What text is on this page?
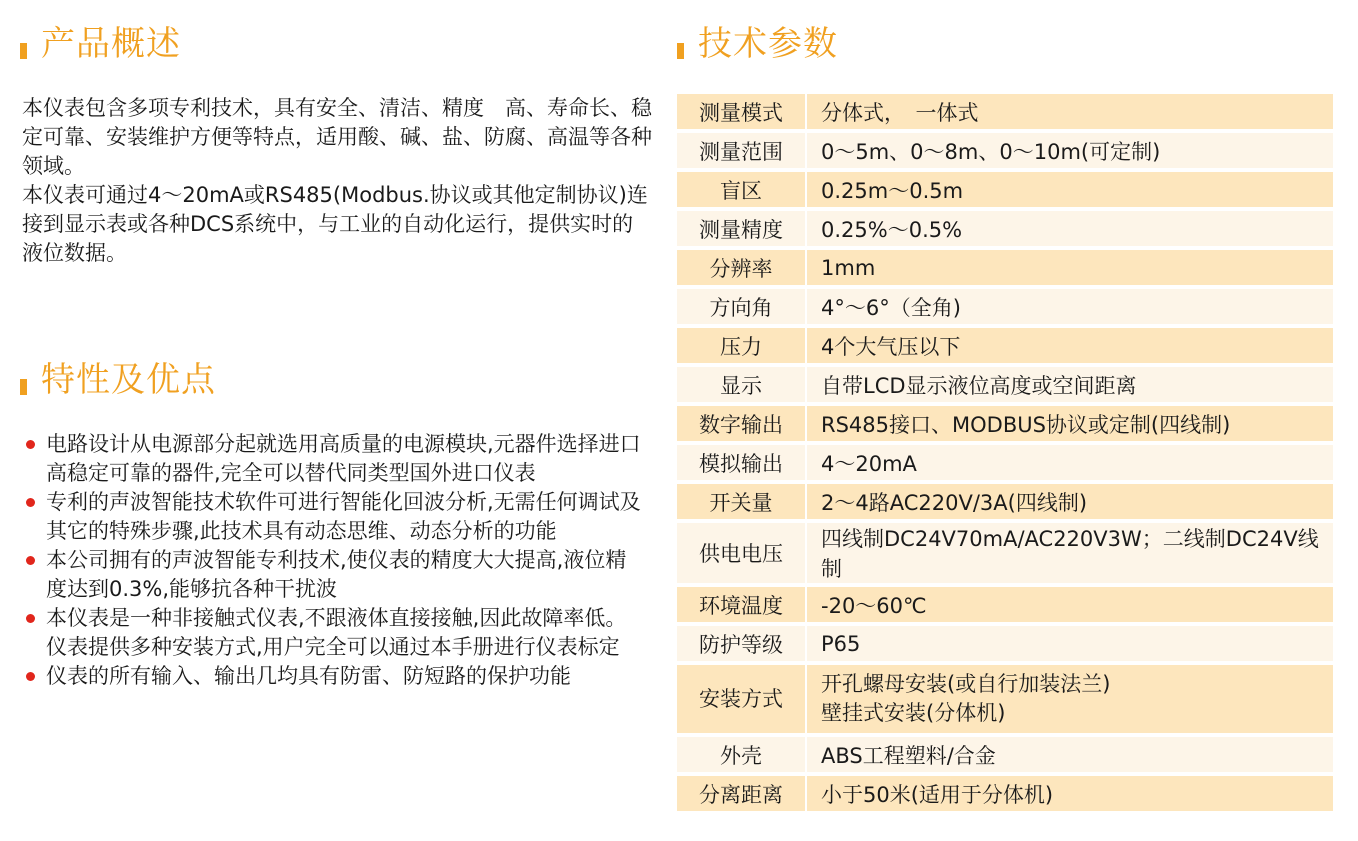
产品概述

本仪表包含多项专利技术，具有安全、清洁、精度　高、寿命长、稳定可靠、安装维护方便等特点，适用酸、碱、盐、防腐、高温等各种领域。

本仪表可通过4～20mA或RS485(Modbus.协议或其他定制协议)连接到显示表或各种DCS系统中，与工业的自动化运行，提供实时的液位数据。

特性及优点
电路设计从电源部分起就选用高质量的电源模块,元器件选择进口高稳定可靠的器件,完全可以替代同类型国外进口仪表
专利的声波智能技术软件可进行智能化回波分析,无需任何调试及其它的特殊步骤,此技术具有动态思维、动态分析的功能
本公司拥有的声波智能专利技术,使仪表的精度大大提高,液位精度达到0.3%,能够抗各种干扰波
本仪表是一种非接触式仪表,不跟液体直接接触,因此故障率低。仪表提供多种安装方式,用户完全可以通过本手册进行仪表标定
仪表的所有输入、输出几均具有防雷、防短路的保护功能
技术参数
测量模式	分体式，　一体式
测量范围	0～5m、0～8m、0～10m(可定制)
盲区	0.25m～0.5m
测量精度	0.25%～0.5%
分辨率	1mm
方向角	4°～6°（全角)
压力	4个大气压以下
显示	自带LCD显示液位高度或空间距离
数字输出	RS485接口、MODBUS协议或定制(四线制)
模拟输出	4～20mA
开关量	2～4路AC220V/3A(四线制)
供电电压	四线制DC24V70mA/AC220V3W；二线制DC24V线制
环境温度	-20～60℃
防护等级	P65
安装方式	开孔螺母安装(或自行加装法兰)
壁挂式安装(分体机)

外壳	ABS工程塑料/合金
分离距离	小于50米(适用于分体机)
